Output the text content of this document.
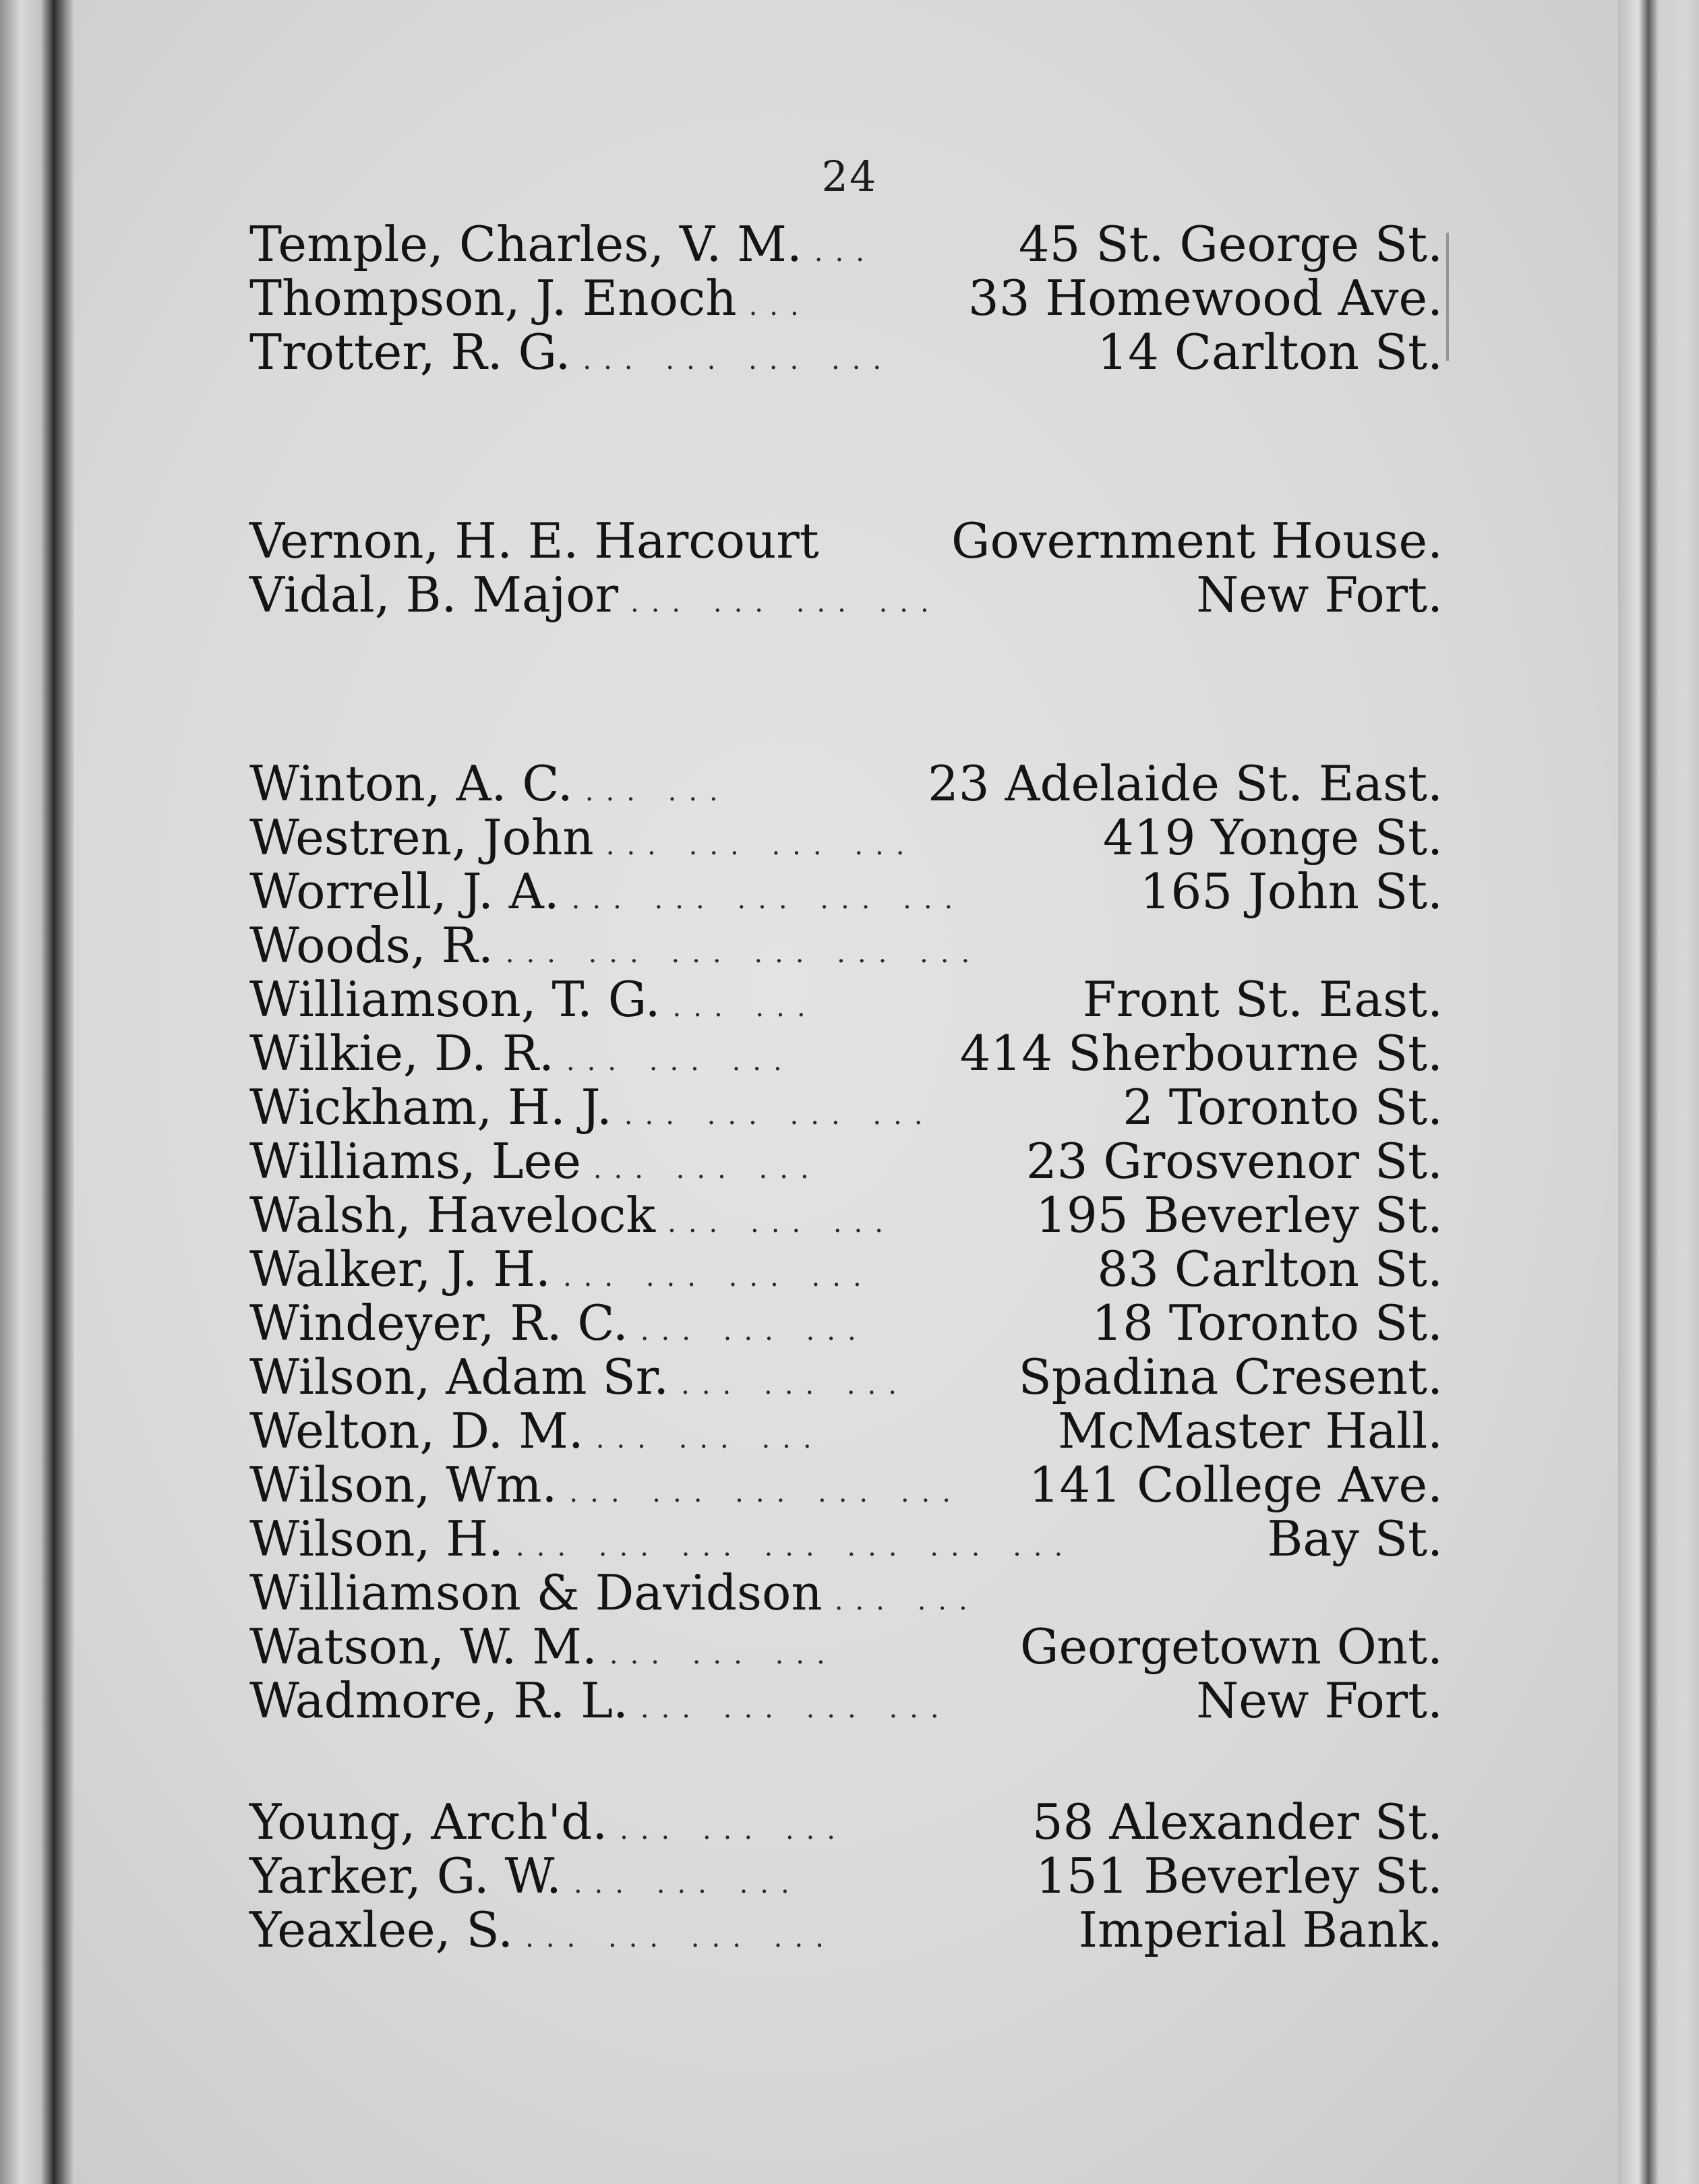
24
Temple, Charles, V. M. ...	45 St. George St.
Thompson, J. Enoch ...	33 Homewood Ave.
Trotter, R. G. ... ... ... ...	14 Carlton St.
Vernon, H. E. Harcourt	Government House.
Vidal, B. Major ... ... ... ...	New Fort.
Winton, A. C. ... ...	23 Adelaide St. East.
Westren, John ... ... ... ...	419 Yonge St.
Worrell, J. A. ... ... ... ... ...	165 John St.
Woods, R. ... ... ... ... ... ...
Williamson, T. G. ... ...	Front St. East.
Wilkie, D. R. ... ... ...	414 Sherbourne St.
Wickham, H. J. ... ... ... ...	2 Toronto St.
Williams, Lee ... ... ...	23 Grosvenor St.
Walsh, Havelock ... ... ...	195 Beverley St.
Walker, J. H. ... ... ... ...	83 Carlton St.
Windeyer, R. C. ... ... ...	18 Toronto St.
Wilson, Adam Sr. ... ... ...	Spadina Cresent.
Welton, D. M. ... ... ...	McMaster Hall.
Wilson, Wm. ... ... ... ... ...	141 College Ave.
Wilson, H. ... ... ... ... ... ... ...	Bay St.
Williamson & Davidson ... ...
Watson, W. M. ... ... ...	Georgetown Ont.
Wadmore, R. L. ... ... ... ...	New Fort.
Young, Arch'd. ... ... ...	58 Alexander St.
Yarker, G. W. ... ... ...	151 Beverley St.
Yeaxlee, S. ... ... ... ...	Imperial Bank.
